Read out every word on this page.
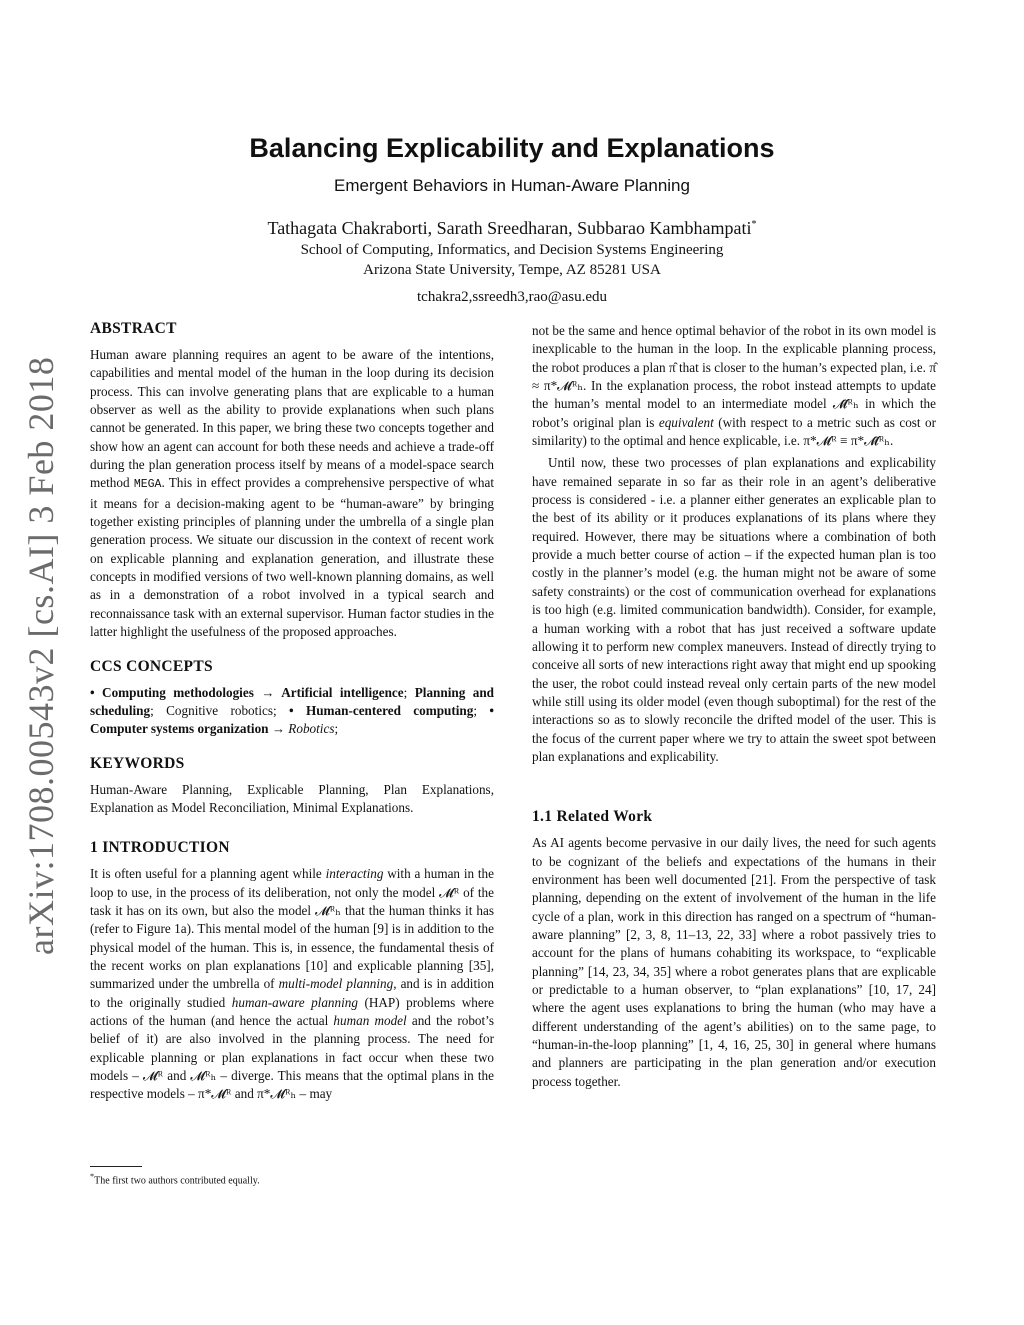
arXiv:1708.00543v2 [cs.AI] 3 Feb 2018
Balancing Explicability and Explanations
Emergent Behaviors in Human-Aware Planning
Tathagata Chakraborti, Sarath Sreedharan, Subbarao Kambhampati*
School of Computing, Informatics, and Decision Systems Engineering
Arizona State University, Tempe, AZ 85281 USA
tchakra2,ssreedh3,rao@asu.edu
ABSTRACT

Human aware planning requires an agent to be aware of the intentions, capabilities and mental model of the human in the loop during its decision process. This can involve generating plans that are explicable to a human observer as well as the ability to provide explanations when such plans cannot be generated. In this paper, we bring these two concepts together and show how an agent can account for both these needs and achieve a trade-off during the plan generation process itself by means of a model-space search method MEGA. This in effect provides a comprehensive perspective of what it means for a decision-making agent to be “human-aware” by bringing together existing principles of planning under the umbrella of a single plan generation process. We situate our discussion in the context of recent work on explicable planning and explanation generation, and illustrate these concepts in modified versions of two well-known planning domains, as well as in a demonstration of a robot involved in a typical search and reconnaissance task with an external supervisor. Human factor studies in the latter highlight the usefulness of the proposed approaches.

CCS CONCEPTS

• Computing methodologies → Artificial intelligence; Planning and scheduling; Cognitive robotics; • Human-centered computing; • Computer systems organization → Robotics;

KEYWORDS

Human-Aware Planning, Explicable Planning, Plan Explanations, Explanation as Model Reconciliation, Minimal Explanations.

1 INTRODUCTION

It is often useful for a planning agent while interacting with a human in the loop to use, in the process of its deliberation, not only the model 𝓜ᴿ of the task it has on its own, but also the model 𝓜ᴿₕ that the human thinks it has (refer to Figure 1a). This mental model of the human [9] is in addition to the physical model of the human. This is, in essence, the fundamental thesis of the recent works on plan explanations [10] and explicable planning [35], summarized under the umbrella of multi-model planning, and is in addition to the originally studied human-aware planning (HAP) problems where actions of the human (and hence the actual human model and the robot’s belief of it) are also involved in the planning process. The need for explicable planning or plan explanations in fact occur when these two models – 𝓜ᴿ and 𝓜ᴿₕ – diverge. This means that the optimal plans in the respective models – π*𝓜ᴿ and π*𝓜ᴿₕ – may

not be the same and hence optimal behavior of the robot in its own model is inexplicable to the human in the loop. In the explicable planning process, the robot produces a plan π̂ that is closer to the human’s expected plan, i.e. π̂ ≈ π*𝓜ᴿₕ. In the explanation process, the robot instead attempts to update the human’s mental model to an intermediate model 𝓜̂ᴿₕ in which the robot’s original plan is equivalent (with respect to a metric such as cost or similarity) to the optimal and hence explicable, i.e. π*𝓜ᴿ ≡ π*𝓜̂ᴿₕ.

Until now, these two processes of plan explanations and explicability have remained separate in so far as their role in an agent’s deliberative process is considered - i.e. a planner either generates an explicable plan to the best of its ability or it produces explanations of its plans where they required. However, there may be situations where a combination of both provide a much better course of action – if the expected human plan is too costly in the planner’s model (e.g. the human might not be aware of some safety constraints) or the cost of communication overhead for explanations is too high (e.g. limited communication bandwidth). Consider, for example, a human working with a robot that has just received a software update allowing it to perform new complex maneuvers. Instead of directly trying to conceive all sorts of new interactions right away that might end up spooking the user, the robot could instead reveal only certain parts of the new model while still using its older model (even though suboptimal) for the rest of the interactions so as to slowly reconcile the drifted model of the user. This is the focus of the current paper where we try to attain the sweet spot between plan explanations and explicability.

1.1 Related Work

As AI agents become pervasive in our daily lives, the need for such agents to be cognizant of the beliefs and expectations of the humans in their environment has been well documented [21]. From the perspective of task planning, depending on the extent of involvement of the human in the life cycle of a plan, work in this direction has ranged on a spectrum of “human-aware planning” [2, 3, 8, 11–13, 22, 33] where a robot passively tries to account for the plans of humans cohabiting its workspace, to “explicable planning” [14, 23, 34, 35] where a robot generates plans that are explicable or predictable to a human observer, to “plan explanations” [10, 17, 24] where the agent uses explanations to bring the human (who may have a different understanding of the agent’s abilities) on to the same page, to “human-in-the-loop planning” [1, 4, 16, 25, 30] in general where humans and planners are participating in the plan generation and/or execution process together.

*The first two authors contributed equally.
